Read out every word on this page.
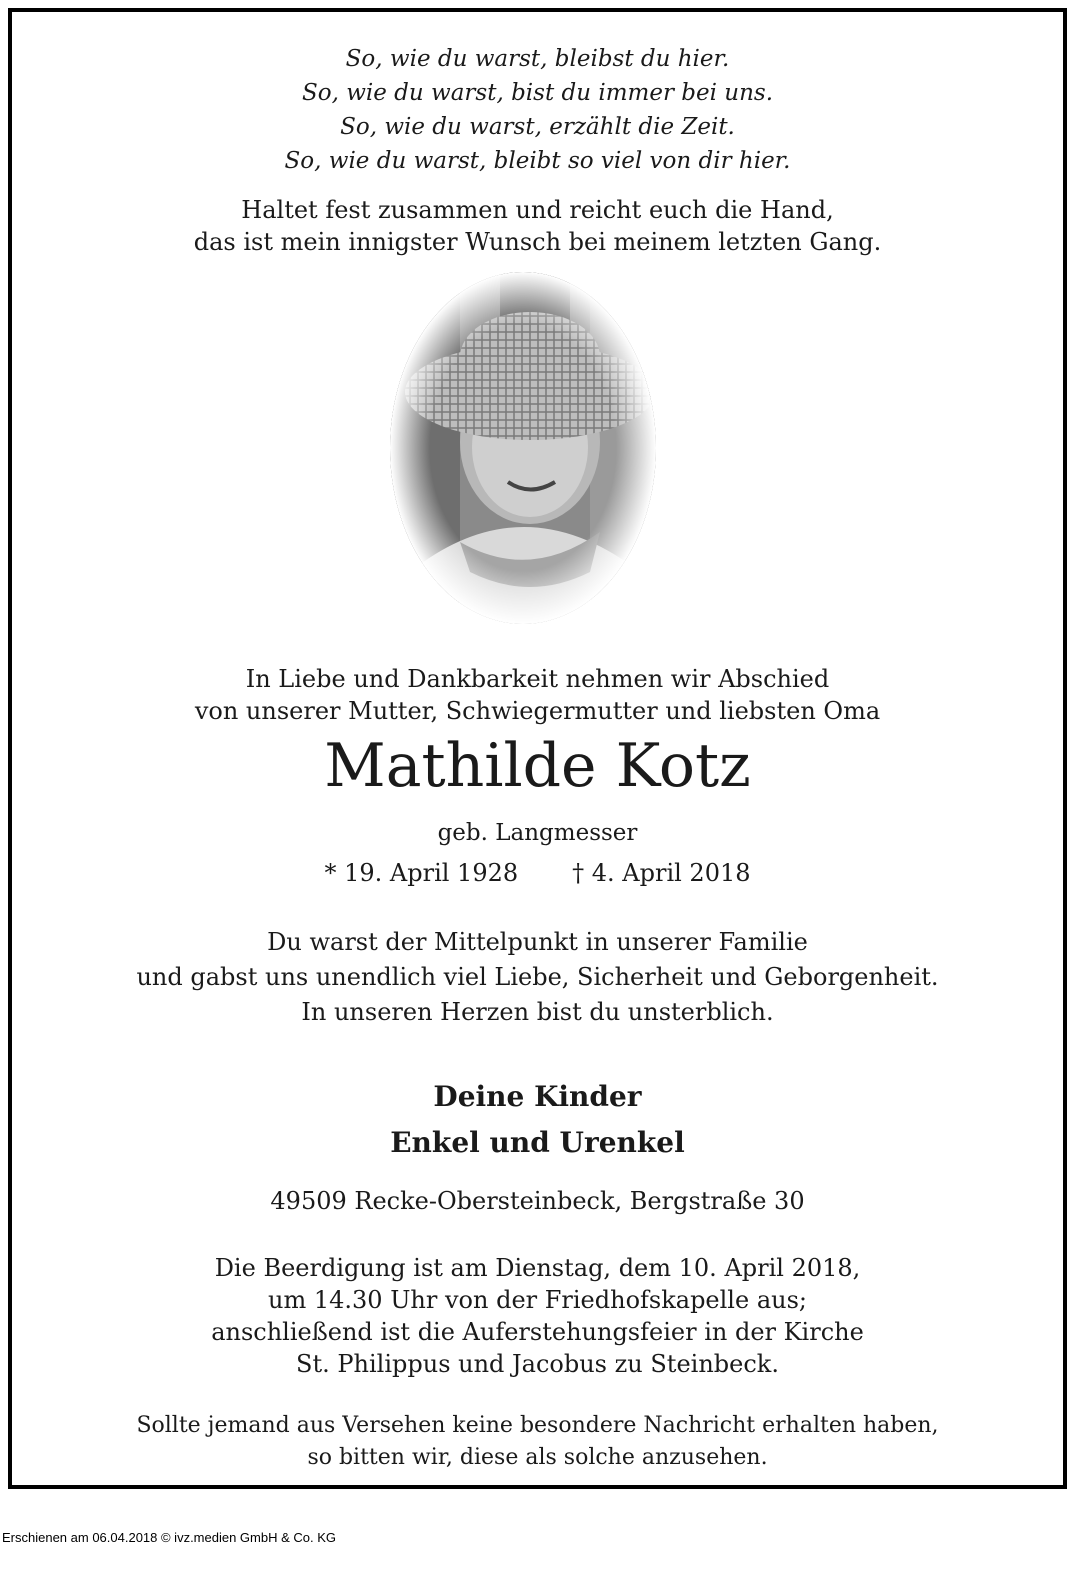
So, wie du warst, bleibst du hier.
So, wie du warst, bist du immer bei uns.
So, wie du warst, erzählt die Zeit.
So, wie du warst, bleibt so viel von dir hier.
Haltet fest zusammen und reicht euch die Hand,
das ist mein innigster Wunsch bei meinem letzten Gang.
In Liebe und Dankbarkeit nehmen wir Abschied
von unserer Mutter, Schwiegermutter und liebsten Oma
Mathilde Kotz
geb. Langmesser
* 19. April 1928 † 4. April 2018
Du warst der Mittelpunkt in unserer Familie
und gabst uns unendlich viel Liebe, Sicherheit und Geborgenheit.
In unseren Herzen bist du unsterblich.
Deine Kinder
Enkel und Urenkel
49509 Recke-Obersteinbeck, Bergstraße 30
Die Beerdigung ist am Dienstag, dem 10. April 2018,
um 14.30 Uhr von der Friedhofskapelle aus;
anschließend ist die Auferstehungsfeier in der Kirche
St. Philippus und Jacobus zu Steinbeck.
Sollte jemand aus Versehen keine besondere Nachricht erhalten haben,
so bitten wir, diese als solche anzusehen.
Erschienen am 06.04.2018 © ivz.medien GmbH & Co. KG
